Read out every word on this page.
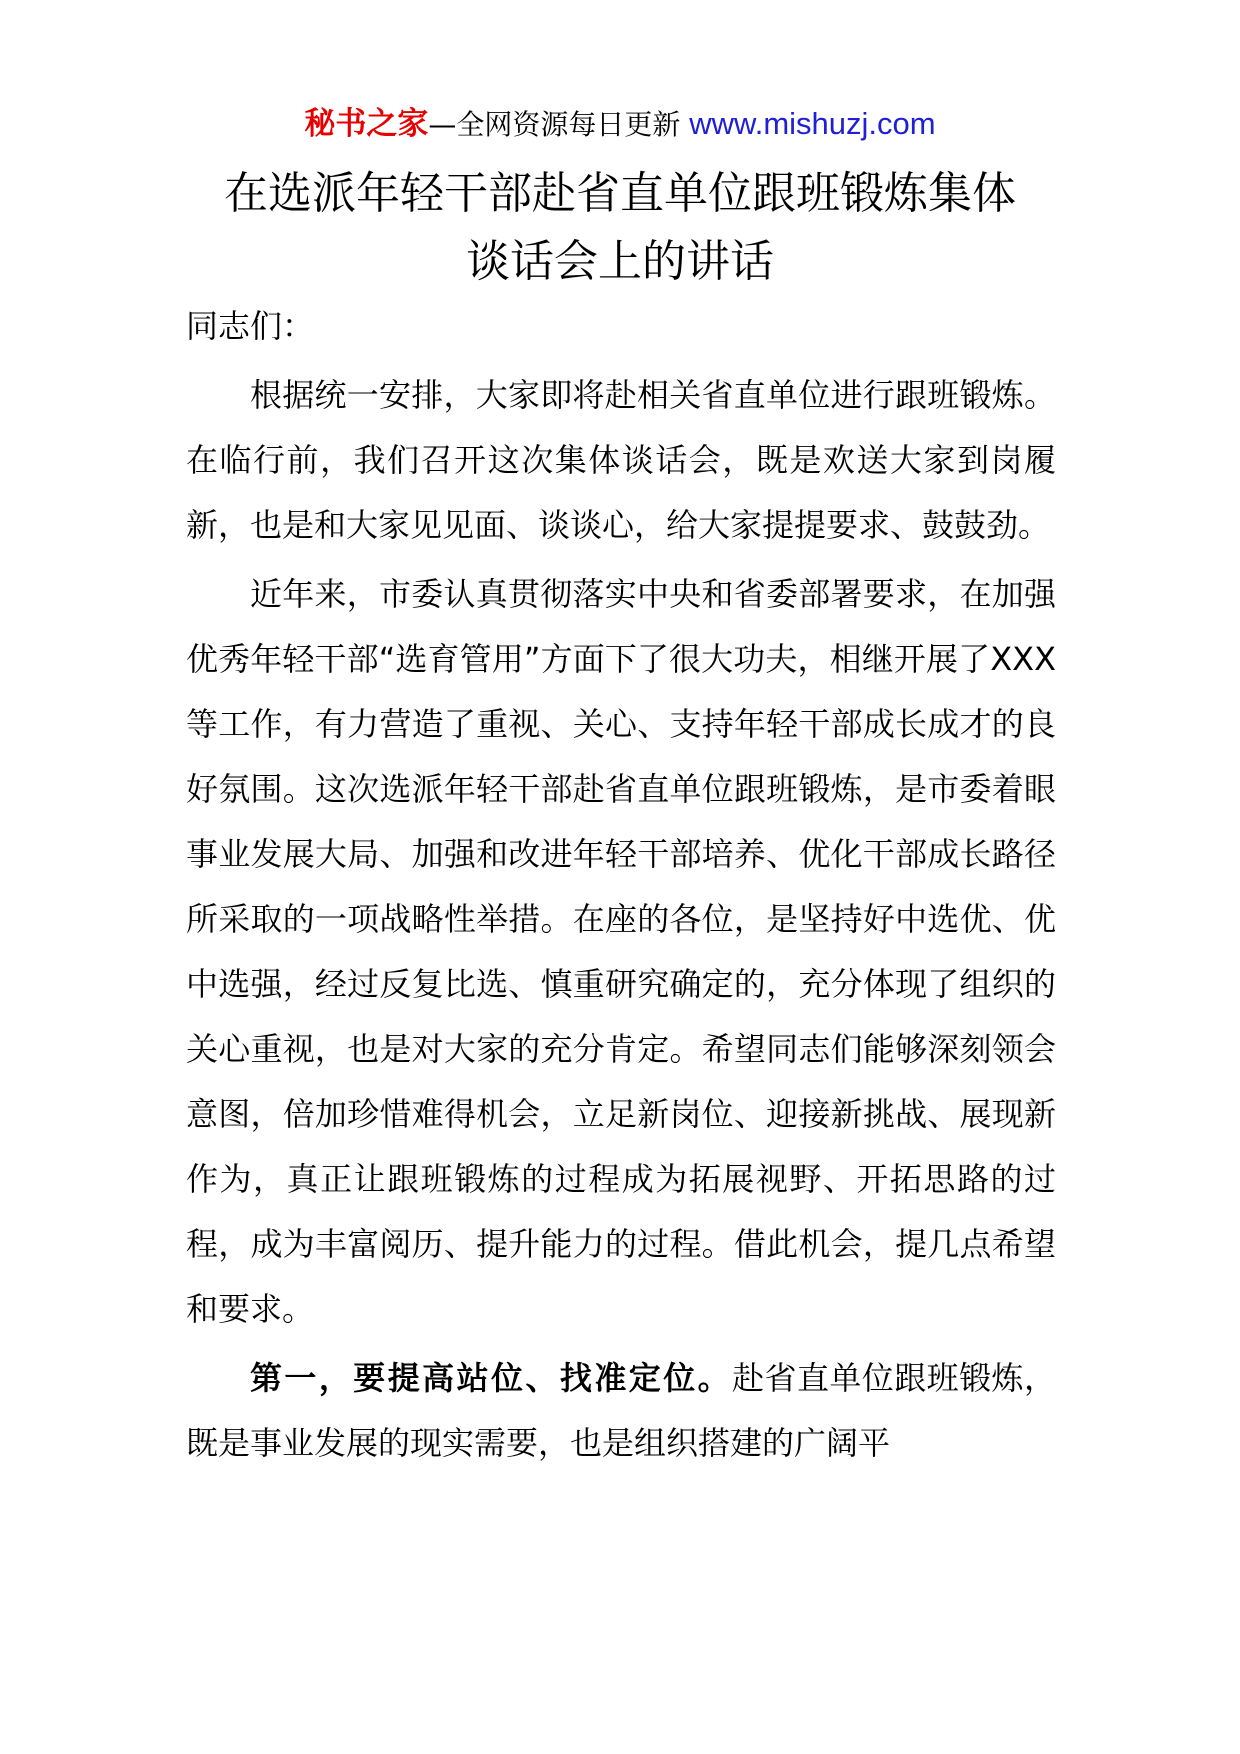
秘书之家—全网资源每日更新 www.mishuzj.com
在选派年轻干部赴省直单位跟班锻炼集体
谈话会上的讲话

同志们：

根据统一安排，大家即将赴相关省直单位进行跟班锻炼。在临行前，我们召开这次集体谈话会，既是欢送大家到岗履新，也是和大家见见面、谈谈心，给大家提提要求、鼓鼓劲。

近年来，市委认真贯彻落实中央和省委部署要求，在加强优秀年轻干部“选育管用”方面下了很大功夫，相继开展了XXX等工作，有力营造了重视、关心、支持年轻干部成长成才的良好氛围。这次选派年轻干部赴省直单位跟班锻炼，是市委着眼事业发展大局、加强和改进年轻干部培养、优化干部成长路径所采取的一项战略性举措。在座的各位，是坚持好中选优、优中选强，经过反复比选、慎重研究确定的，充分体现了组织的关心重视，也是对大家的充分肯定。希望同志们能够深刻领会意图，倍加珍惜难得机会，立足新岗位、迎接新挑战、展现新作为，真正让跟班锻炼的过程成为拓展视野、开拓思路的过程，成为丰富阅历、提升能力的过程。借此机会，提几点希望和要求。

第一，要提高站位、找准定位。赴省直单位跟班锻炼，既是事业发展的现实需要，也是组织搭建的广阔平
